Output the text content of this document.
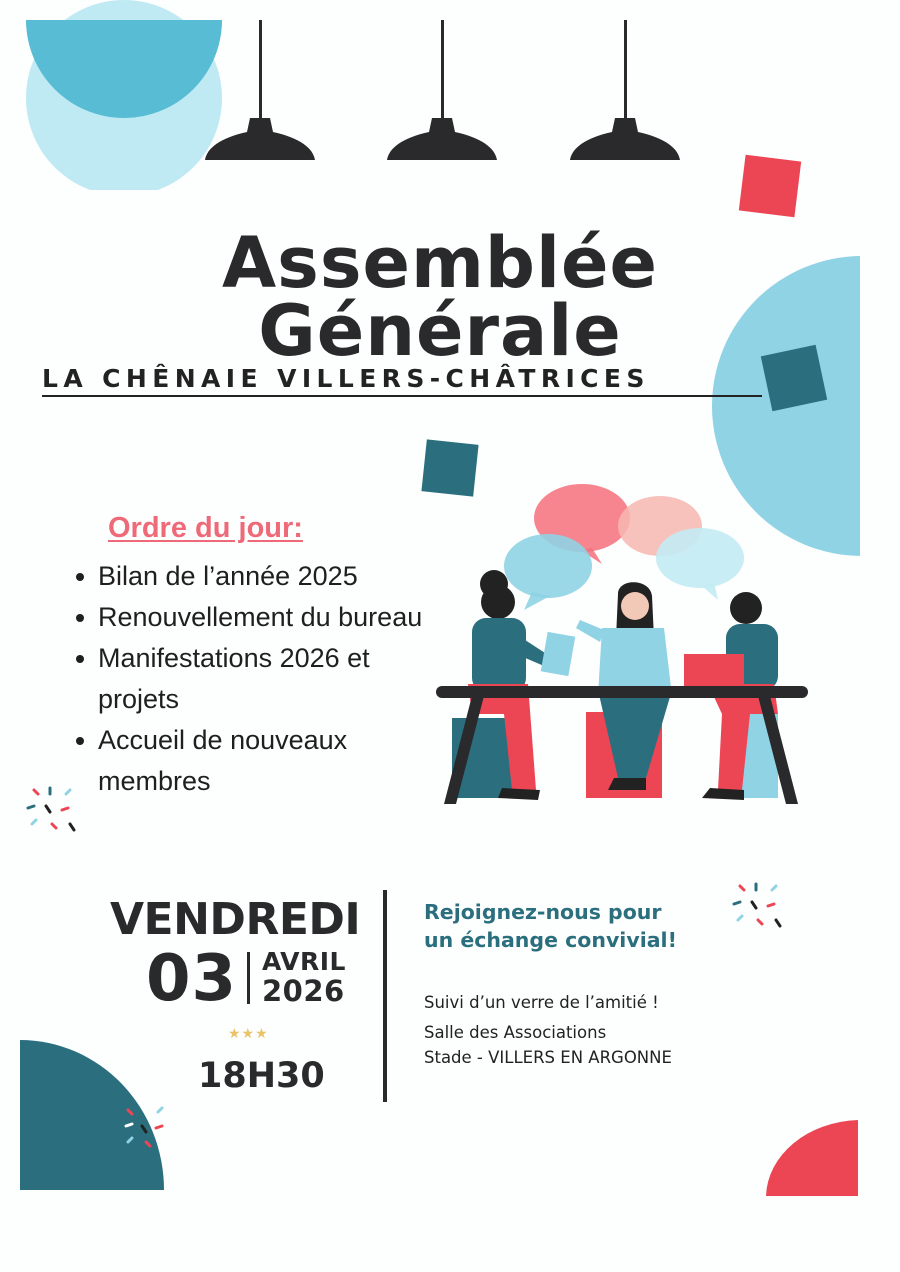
Assemblée
Générale
LA CHÊNAIE VILLERS-CHÂTRICES
Ordre du jour:
Bilan de l’année 2025
Renouvellement du bureau
Manifestations 2026 et projets
Accueil de nouveaux membres
VENDREDI
03 AVRIL
2026
★★★
18H30
Rejoignez-nous pour un échange convivial!
Suivi d’un verre de l’amitié !
Salle des Associations
Stade - VILLERS EN ARGONNE
